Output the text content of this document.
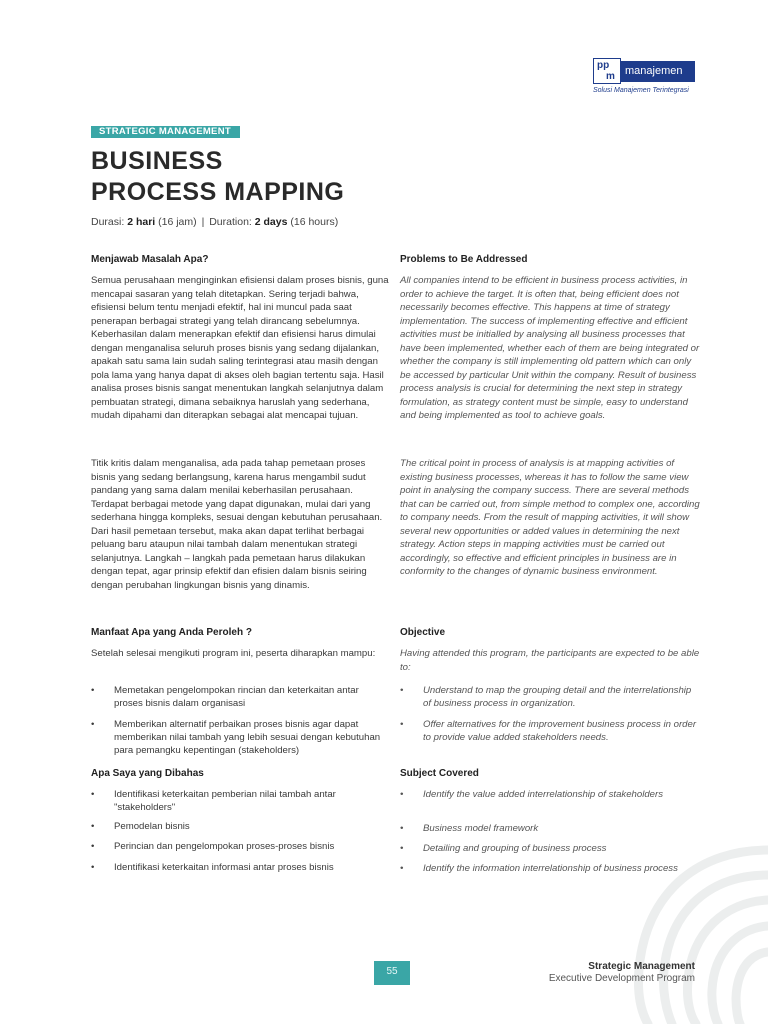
pp
m manajemen
Solusi Manajemen Terintegrasi
STRATEGIC MANAGEMENT
BUSINESS
PROCESS MAPPING
Durasi: 2 hari (16 jam) | Duration: 2 days (16 hours)
Menjawab Masalah Apa?
Semua perusahaan menginginkan efisiensi dalam proses bisnis, guna mencapai sasaran yang telah ditetapkan. Sering terjadi bahwa, efisiensi belum tentu menjadi efektif, hal ini muncul pada saat penerapan berbagai strategi yang telah dirancang sebelumnya. Keberhasilan dalam menerapkan efektif dan efisiensi harus dimulai dengan menganalisa seluruh proses bisnis yang sedang dijalankan, apakah satu sama lain sudah saling terintegrasi atau masih dengan pola lama yang hanya dapat di akses oleh bagian tertentu saja. Hasil analisa proses bisnis sangat menentukan langkah selanjutnya dalam pembuatan strategi, dimana sebaiknya haruslah yang sederhana, mudah dipahami dan diterapkan sebagai alat mencapai tujuan.
Titik kritis dalam menganalisa, ada pada tahap pemetaan proses bisnis yang sedang berlangsung, karena harus mengambil sudut pandang yang sama dalam menilai keberhasilan perusahaan. Terdapat berbagai metode yang dapat digunakan, mulai dari yang sederhana hingga kompleks, sesuai dengan kebutuhan perusahaan. Dari hasil pemetaan tersebut, maka akan dapat terlihat berbagai peluang baru ataupun nilai tambah dalam menentukan strategi selanjutnya. Langkah – langkah pada pemetaan harus dilakukan dengan tepat, agar prinsip efektif dan efisien dalam bisnis seiring dengan perubahan lingkungan bisnis yang dinamis.
Manfaat Apa yang Anda Peroleh ?
Setelah selesai mengikuti program ini, peserta diharapkan mampu:
• Memetakan pengelompokan rincian dan keterkaitan antar proses bisnis dalam organisasi
• Memberikan alternatif perbaikan proses bisnis agar dapat memberikan nilai tambah yang lebih sesuai dengan kebutuhan para pemangku kepentingan (stakeholders)
Apa Saya yang Dibahas
• Identifikasi keterkaitan pemberian nilai tambah antar "stakeholders"
• Pemodelan bisnis
• Perincian dan pengelompokan proses-proses bisnis
• Identifikasi keterkaitan informasi antar proses bisnis
Problems to Be Addressed
All companies intend to be efficient in business process activities, in order to achieve the target. It is often that, being efficient does not necessarily becomes effective. This happens at time of strategy implementation. The success of implementing effective and efficient activities must be initialled by analysing all business processes that have been implemented, whether each of them are being integrated or whether the company is still implementing old pattern which can only be accessed by particular Unit within the company. Result of business process analysis is crucial for determining the next step in strategy formulation, as strategy content must be simple, easy to understand and being implemented as tool to achieve goals.
The critical point in process of analysis is at mapping activities of existing business processes, whereas it has to follow the same view point in analysing the company success. There are several methods that can be carried out, from simple method to complex one, according to company needs. From the result of mapping activities, it will show several new opportunities or added values in determining the next strategy. Action steps in mapping activities must be carried out accordingly, so effective and efficient principles in business are in conformity to the changes of dynamic business environment.
Objective
Having attended this program, the participants are expected to be able to:
• Understand to map the grouping detail and the interrelationship of business process in organization.
• Offer alternatives for the improvement business process in order to provide value added stakeholders needs.
Subject Covered
• Identify the value added interrelationship of stakeholders
• Business model framework
• Detailing and grouping of business process
• Identify the information interrelationship of business process
55	Strategic Management
Executive Development Program
